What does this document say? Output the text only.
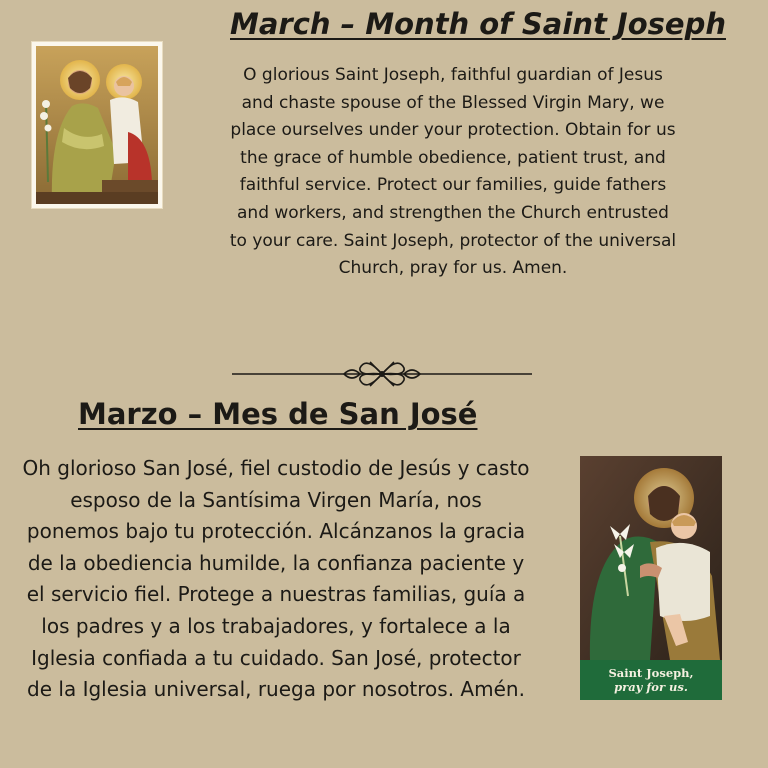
March – Month of Saint Joseph

O glorious Saint Joseph, faithful guardian of Jesus and chaste spouse of the Blessed Virgin Mary, we place ourselves under your protection. Obtain for us the grace of humble obedience, patient trust, and faithful service. Protect our families, guide fathers and workers, and strengthen the Church entrusted to your care. Saint Joseph, protector of the universal Church, pray for us. Amen.

Marzo – Mes de San José

Oh glorioso San José, fiel custodio de Jesús y casto esposo de la Santísima Virgen María, nos ponemos bajo tu protección. Alcánzanos la gracia de la obediencia humilde, la confianza paciente y el servicio fiel. Protege a nuestras familias, guía a los padres y a los trabajadores, y fortalece a la Iglesia confiada a tu cuidado. San José, protector de la Iglesia universal, ruega por nosotros. Amén.

Saint Joseph,
pray for us.
